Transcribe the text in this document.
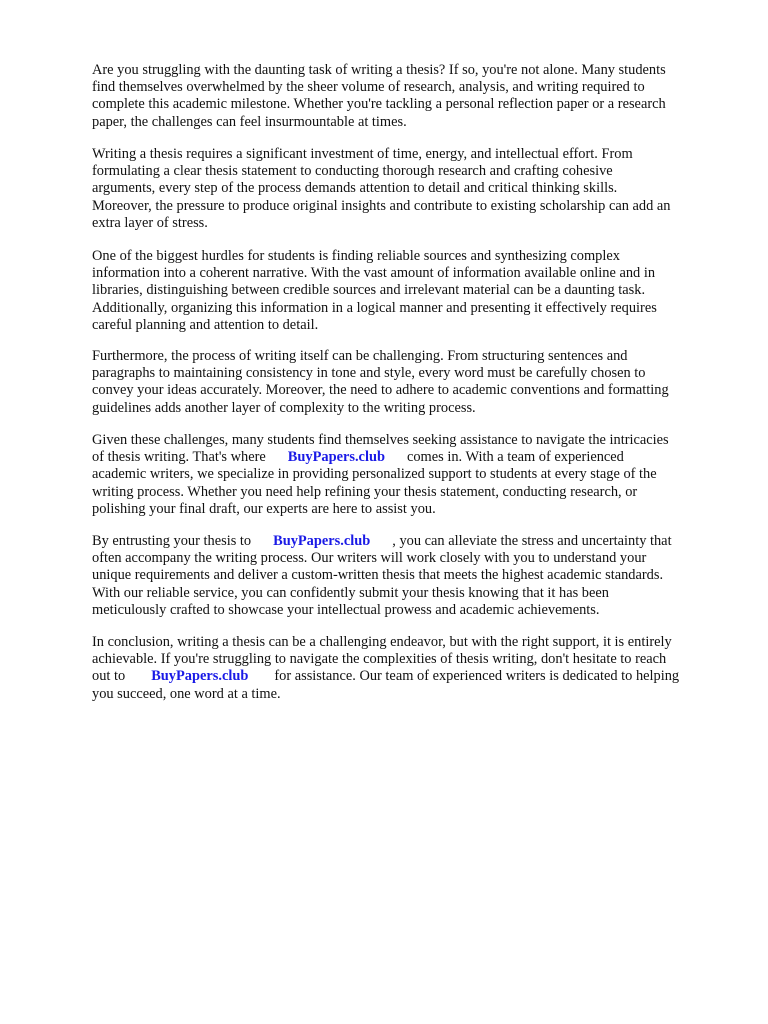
Are you struggling with the daunting task of writing a thesis? If so, you're not alone. Many students
find themselves overwhelmed by the sheer volume of research, analysis, and writing required to
complete this academic milestone. Whether you're tackling a personal reflection paper or a research
paper, the challenges can feel insurmountable at times.

Writing a thesis requires a significant investment of time, energy, and intellectual effort. From
formulating a clear thesis statement to conducting thorough research and crafting cohesive
arguments, every step of the process demands attention to detail and critical thinking skills.
Moreover, the pressure to produce original insights and contribute to existing scholarship can add an
extra layer of stress.

One of the biggest hurdles for students is finding reliable sources and synthesizing complex
information into a coherent narrative. With the vast amount of information available online and in
libraries, distinguishing between credible sources and irrelevant material can be a daunting task.
Additionally, organizing this information in a logical manner and presenting it effectively requires
careful planning and attention to detail.

Furthermore, the process of writing itself can be challenging. From structuring sentences and
paragraphs to maintaining consistency in tone and style, every word must be carefully chosen to
convey your ideas accurately. Moreover, the need to adhere to academic conventions and formatting
guidelines adds another layer of complexity to the writing process.

Given these challenges, many students find themselves seeking assistance to navigate the intricacies
of thesis writing. That's where BuyPapers.club comes in. With a team of experienced
academic writers, we specialize in providing personalized support to students at every stage of the
writing process. Whether you need help refining your thesis statement, conducting research, or
polishing your final draft, our experts are here to assist you.

By entrusting your thesis to BuyPapers.club , you can alleviate the stress and uncertainty that
often accompany the writing process. Our writers will work closely with you to understand your
unique requirements and deliver a custom-written thesis that meets the highest academic standards.
With our reliable service, you can confidently submit your thesis knowing that it has been
meticulously crafted to showcase your intellectual prowess and academic achievements.

In conclusion, writing a thesis can be a challenging endeavor, but with the right support, it is entirely
achievable. If you're struggling to navigate the complexities of thesis writing, don't hesitate to reach
out to BuyPapers.club for assistance. Our team of experienced writers is dedicated to helping
you succeed, one word at a time.
